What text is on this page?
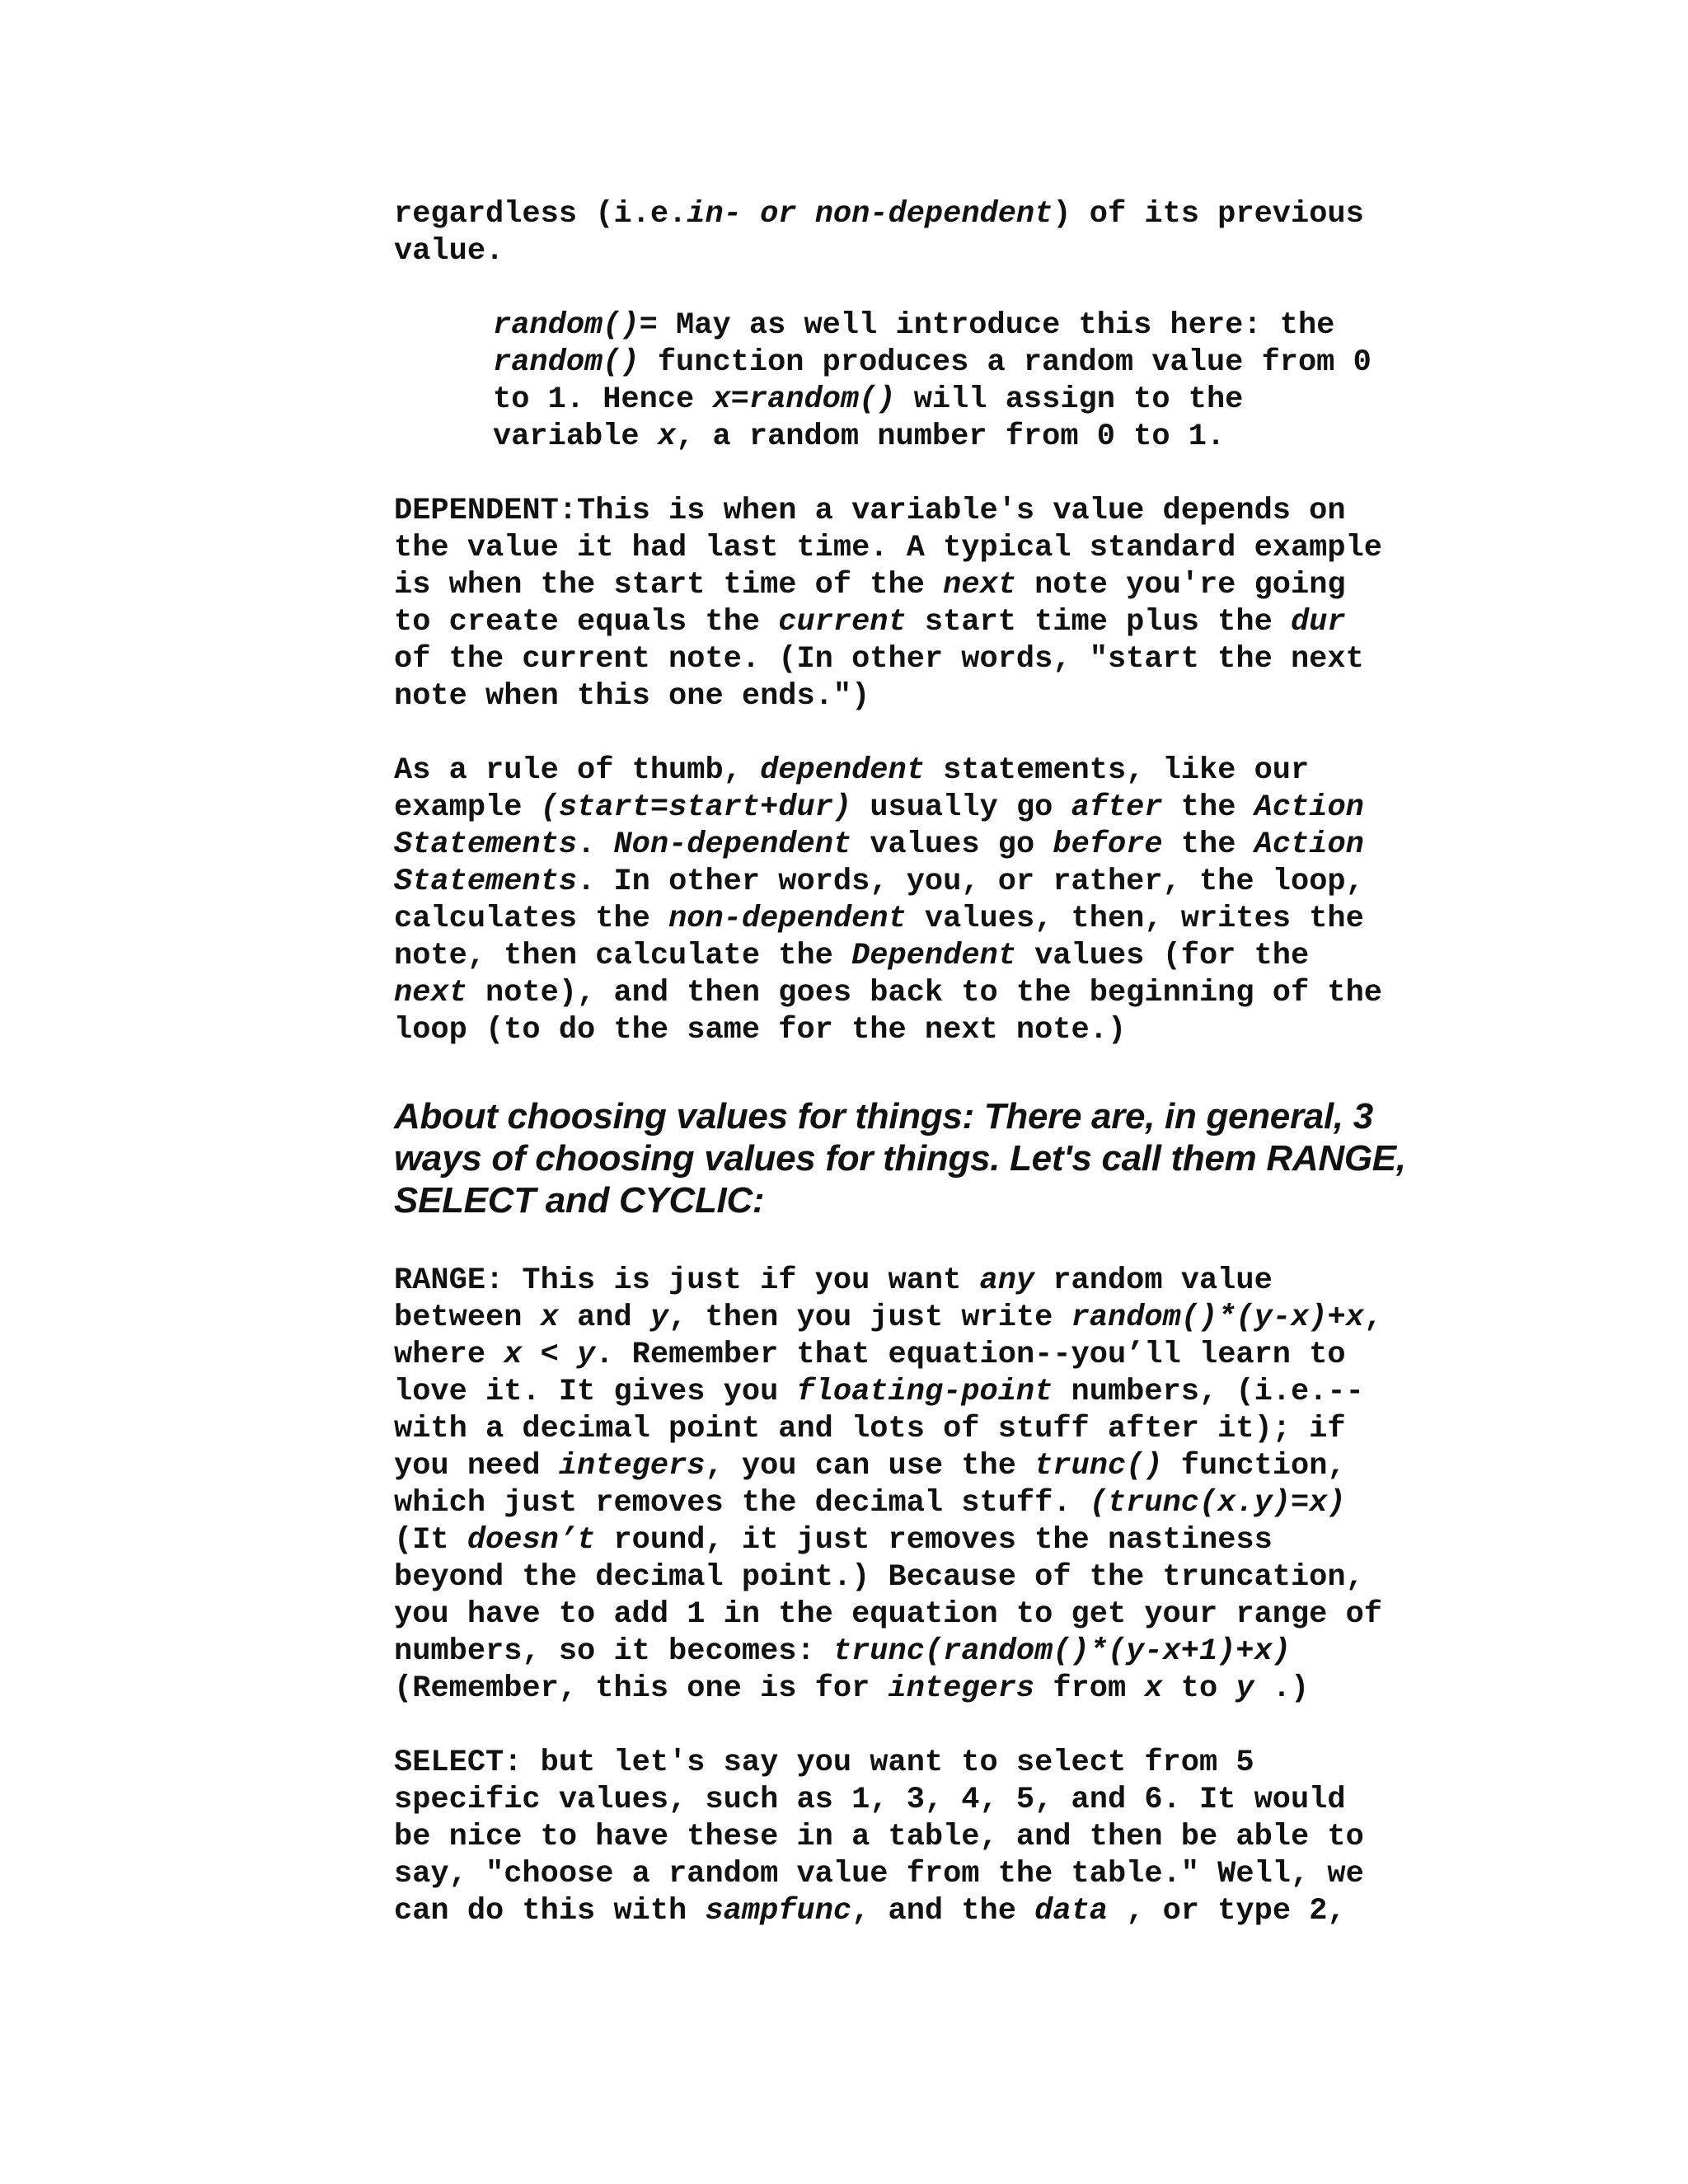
regardless (i.e.in- or non-dependent) of its previous

value.

random()= May as well introduce this here: the

random() function produces a random value from 0

to 1. Hence x=random() will assign to the

variable x, a random number from 0 to 1.

DEPENDENT:This is when a variable's value depends on

the value it had last time. A typical standard example

is when the start time of the next note you're going

to create equals the current start time plus the dur

of the current note. (In other words, "start the next

note when this one ends.")

As a rule of thumb, dependent statements, like our

example (start=start+dur) usually go after the Action

Statements. Non-dependent values go before the Action

Statements. In other words, you, or rather, the loop,

calculates the non-dependent values, then, writes the

note, then calculate the Dependent values (for the

next note), and then goes back to the beginning of the

loop (to do the same for the next note.)

About choosing values for things: There are, in general, 3

ways of choosing values for things. Let's call them RANGE,

SELECT and CYCLIC:

RANGE: This is just if you want any random value

between x and y, then you just write random()*(y-x)+x,

where x < y. Remember that equation--you’ll learn to

love it. It gives you floating-point numbers, (i.e.--

with a decimal point and lots of stuff after it); if

you need integers, you can use the trunc() function,

which just removes the decimal stuff. (trunc(x.y)=x)

(It doesn’t round, it just removes the nastiness

beyond the decimal point.) Because of the truncation,

you have to add 1 in the equation to get your range of

numbers, so it becomes: trunc(random()*(y-x+1)+x)

(Remember, this one is for integers from x to y .)

SELECT: but let's say you want to select from 5

specific values, such as 1, 3, 4, 5, and 6. It would

be nice to have these in a table, and then be able to

say, "choose a random value from the table." Well, we

can do this with sampfunc, and the data , or type 2,
